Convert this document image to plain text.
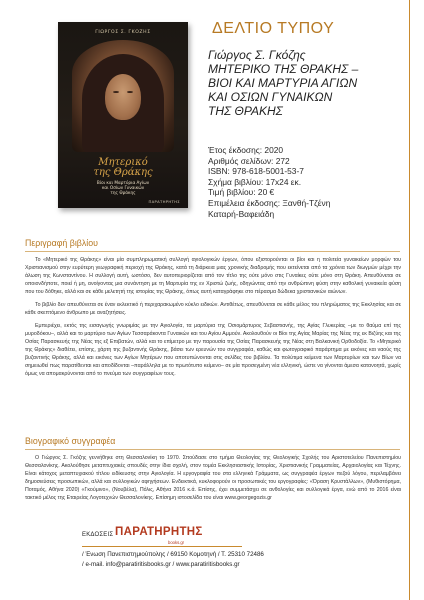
ΓΙΩΡΓΟΣ Σ. ΓΚΟΖΗΣ
Μητερικό
της Θράκης
Βίοι και Μαρτύρια Αγίων
και Οσίων Γυναικών
της Θράκης
ΠΑΡΑΤΗΡΗΤΗΣ
ΔΕΛΤΙΟ ΤΥΠΟΥ
Γιώργος Σ. Γκόζης
ΜΗΤΕΡΙΚΟ ΤΗΣ ΘΡΑΚΗΣ –
ΒΙΟΙ ΚΑΙ ΜΑΡΤΥΡΙΑ ΑΓΙΩΝ
ΚΑΙ ΟΣΙΩΝ ΓΥΝΑΙΚΩΝ
ΤΗΣ ΘΡΑΚΗΣ
Έτος έκδοσης: 2020
Αριθμός σελίδων: 272
ISBN: 978-618-5001-53-7
Σχήμα βιβλίου: 17x24 εκ.
Τιμή βιβλίου: 20 €
Επιμέλεια έκδοσης: Ξανθή-Τζένη
Καταρή-Βαφειάδη
Περιγραφή βιβλίου

Το «Μητερικό της Θράκης» είναι μία συμπληρωματική συλλογή αγιολογικών έργων, όπου εξιστορούνται οι βίοι και η πολιτεία γυναικείων μορφών του Χριστιανισμού στην ευρύτερη γεωγραφική περιοχή της Θράκης, κατά τη διάρκεια μιας χρονικής διαδρομής που εκτείνεται από τα χρόνια των διωγμών μέχρι την άλωση της Κωνσταντίνου. Η συλλογή αυτή, ωστόσο, δεν αυτοπεριορίζεται από τον τίτλο της ούτε μόνο στις Γυναίκες ούτε μόνο στη Θράκη. Απευθύνεται σε οποιονδήποτε, ποιεί ή μη, ανοίγοντας μια συνάντηση με τη Μαρτυρία της εν Χριστώ ζωής, οδηγώντας από την ανθρώπινη φύση στην καθολική γυναικεία φύση που του δόθηκε, αλλά και σε κάθε μελετητή της ιστορίας της Θράκης, όπως αυτή καταγράφηκε στο πέρασμα δώδεκα χριστιανικών αιώνων.

Το βιβλίο δεν απευθύνεται σε έναν εκλεκτικό ή περιχαρακωμένο κύκλο ειδικών. Αντιθέτως, απευθύνεται σε κάθε μέλος του πληρώματος της Εκκλησίας και σε κάθε σκεπτόμενο άνθρωπο με αναζητήσεις.

Εμπεριέχει, εκτός της εισαγωγής γνωριμίας με την Αγιολογία, τα μαρτύρια της Οσιομάρτυρος Σεβαστιανής, της Αγίας Γλυκερίας –με το θαύμα επί της μυροδόκου–, αλλά και το μαρτύριο των Αγίων Τεσσαράκοντα Γυναικών και του Αγίου Αμμούν. Ακολουθούν οι Βίοι της Αγίας Μαρίας της Νέας της εκ Βιζύης και της Οσίας Παρασκευής της Νέας της εξ Επιβατών, αλλά και το επίμετρο με την παρουσία της Οσίας Παρασκευής της Νέας στη Βαλκανική Ορθοδοξία. Το «Μητερικό της Θράκης» διαθέτει, επίσης, χάρτη της βυζαντινής Θράκης, βάσει των ερευνών του συγγραφέα, καθώς και φωτογραφικό παράρτημα με εικόνες και ναούς της βυζαντινής Θράκης, αλλά και εικόνες των Αγίων Μητέρων που αποτυπώνονται στις σελίδες του βιβλίου. Τα πολύτιμα κείμενα των Μαρτυρίων και των Βίων να σημειωθεί πως παρατίθενται και αποδίδονται –παράλληλα με το πρωτότυπο κείμενο– σε μία προσεγμένη νέα ελληνική, ώστε να γίνονται άμεσα κατανοητά, χωρίς όμως να απομακρύνονται από το πνεύμα των συγγραφέων τους.

Βιογραφικό συγγραφέα

Ο Γιώργος Σ. Γκόζης γεννήθηκε στη Θεσσαλονίκη το 1970. Σπούδασε στο τμήμα Θεολογίας της Θεολογικής Σχολής του Αριστοτελείου Πανεπιστημίου Θεσσαλονίκης. Ακολούθησε μεταπτυχιακές σπουδές στην ίδια σχολή, στον τομέα Εκκλησιαστικής Ιστορίας, Χριστιανικής Γραμματείας, Αρχαιολογίας και Τέχνης. Είναι κάτοχος μεταπτυχιακού τίτλου ειδίκευσης στην Αγιολογία. Η εργογραφία του στα ελληνικά Γράμματα, ως συγγραφέα έργων πεζού λόγου, περιλαμβάνει δημοσιεύσεις προσωπικών, αλλά και συλλογικών αφηγήσεων. Ενδεικτικά, κυκλοφορούν οι προσωπικές του εργογραφίες: «Όραση Κρυστάλλων», (Μυθιστόρημα, Ποταμός, Αθήνα 2020) «Γκούμινο», (Νουβέλα), Πόλις, Αθήνα 2016 κ.ά. Επίσης, έχει συμμετάσχει σε ανθολογίες και συλλογικά έργα, ενώ από το 2016 είναι τακτικό μέλος της Εταιρείας Λογοτεχνών Θεσσαλονίκης. Επίσημη ιστοσελίδα του είναι www.georgegozis.gr

ΕΚΔΟΣΕΙΣ ΠΑΡΑΤΗΡΗΤΗΣ
books.gr
/ Ένωση Πανεπιστημιούπολης / 69150 Κομοτηνή / Τ. 25310 72486
/ e-mail. info@paratiritisbooks.gr / www.paratiritisbooks.gr
